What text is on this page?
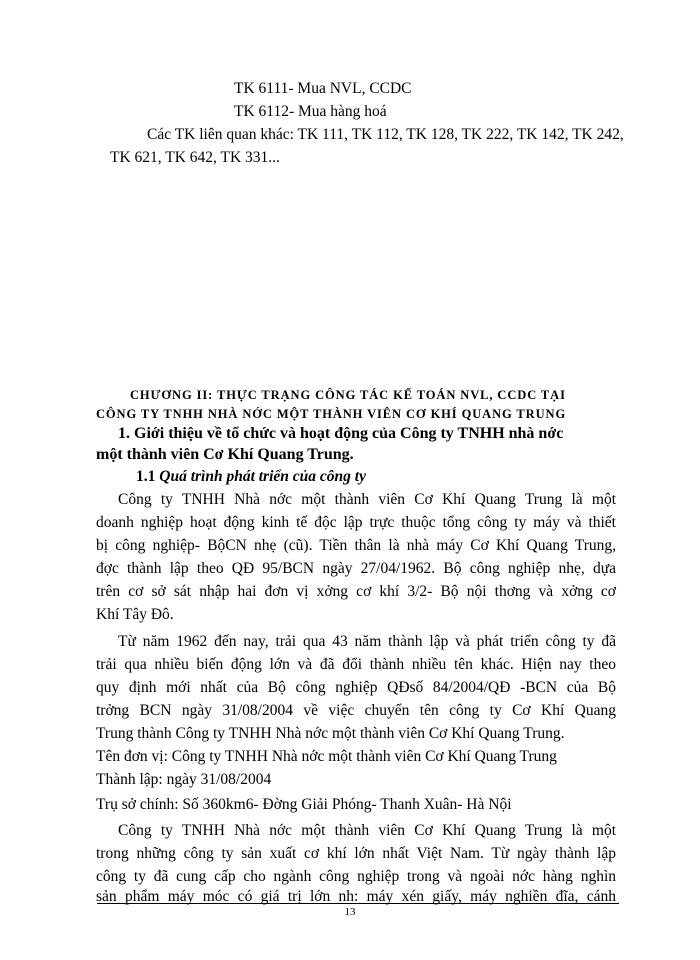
TK 6111- Mua NVL, CCDC
TK 6112- Mua hàng hoá
Các TK liên quan khác: TK 111, TK 112, TK 128, TK 222, TK 142, TK 242,
TK 621, TK 642, TK 331...
CHƯƠNG II: THỰC TRẠNG CÔNG TÁC KẾ TOÁN NVL, CCDC TẠI
CÔNG TY TNHH NHÀ NỚC MỘT THÀNH VIÊN CƠ KHÍ QUANG TRUNG
1. Giới thiệu về tổ chức và hoạt động của Công ty TNHH nhà nớc
một thành viên Cơ Khí Quang Trung.
1.1 Quá trình phát triển của công ty
Công ty TNHH Nhà nớc một thành viên Cơ Khí Quang Trung là một
doanh nghiệp hoạt động kinh tế độc lập trực thuộc tổng công ty máy và thiết
bị công nghiệp- BộCN nhẹ (cũ). Tiền thân là nhà máy Cơ Khí Quang Trung,
đợc thành lập theo QĐ 95/BCN ngày 27/04/1962. Bộ công nghiệp nhẹ, dựa
trên cơ sở sát nhập hai đơn vị xởng cơ khí 3/2- Bộ nội thơng và xởng cơ
Khí Tây Đô.
Từ năm 1962 đến nay, trải qua 43 năm thành lập và phát triển công ty đã
trải qua nhiều biến động lớn và đã đổi thành nhiều tên khác. Hiện nay theo
quy định mới nhất của Bộ công nghiệp QĐsố 84/2004/QĐ -BCN của Bộ
trởng BCN ngày 31/08/2004 về việc chuyển tên công ty Cơ Khí Quang
Trung thành Công ty TNHH Nhà nớc một thành viên Cơ Khí Quang Trung.
Tên đơn vị: Công ty TNHH Nhà nớc một thành viên Cơ Khí Quang Trung
Thành lập: ngày 31/08/2004
Trụ sở chính: Số 360km6- Đờng Giải Phóng- Thanh Xuân- Hà Nội
Công ty TNHH Nhà nớc một thành viên Cơ Khí Quang Trung là một
trong những công ty sản xuất cơ khí lớn nhất Việt Nam. Từ ngày thành lập
công ty đã cung cấp cho ngành công nghiệp trong và ngoài nớc hàng nghìn
sản phẩm máy móc có giá trị lớn nh: máy xén giấy, máy nghiền đĩa, cánh
13
